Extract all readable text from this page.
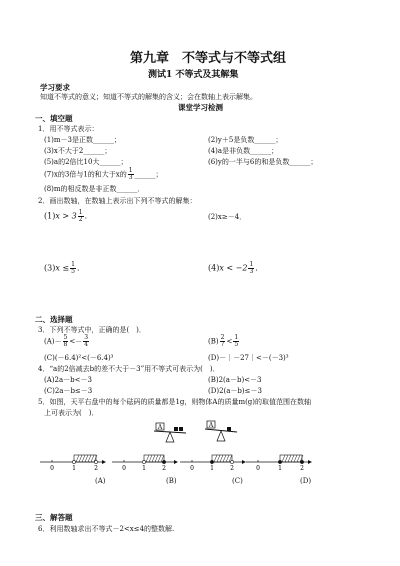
第九章　不等式与不等式组
测试1 不等式及其解集
学习要求
知道不等式的意义；知道不等式的解集的含义；会在数轴上表示解集。
课堂学习检测
一、填空题
1．用不等式表示：
(1)m－3是正数______；	(2)y＋5是负数______；
(3)x不大于2______；	(4)a是非负数______；
(5)a的2倍比10大______；	(6)y的一半与6的和是负数______；
(7)x的3倍与1的和大于x的 $\frac{1}{3}$ ______；
(8)m的相反数是非正数______．
2．画出数轴，在数轴上表示出下列不等式的解集：
$(1)x > 3 \frac{1}{2}$ ．	(2)x≥－4．
$(3)x \le \frac{1}{5}$ ．	$(4)x < -2 \frac{1}{3}$ ．
二、选择题
3．下列不等式中，正确的是(　)．
$(A)- \frac{5}{8} <- \frac{3}{4}$	$(B) \frac{2}{7} < \frac{1}{5}$
(C)(－6.4)²<(－6.4)³	(D)－｜－27｜<－(－3)³
4．“a的2倍减去b的差不大于－3”用不等式可表示为(　)．
(A)2a－b<－3	(B)2(a－b)<－3
(C)2a－b≤－3	(D)2(a－b)≤－3
5．如图，天平右盘中的每个砝码的质量都是1g，则物体A的质量m(g)的取值范围在数轴
上可表示为(　)．
A	A
0	1	2	0	1	2	0	1	2	0	1	2
(A)	(B)	(C)	(D)
三、解答题
6．利用数轴求出不等式－2<x≤4的整数解.
